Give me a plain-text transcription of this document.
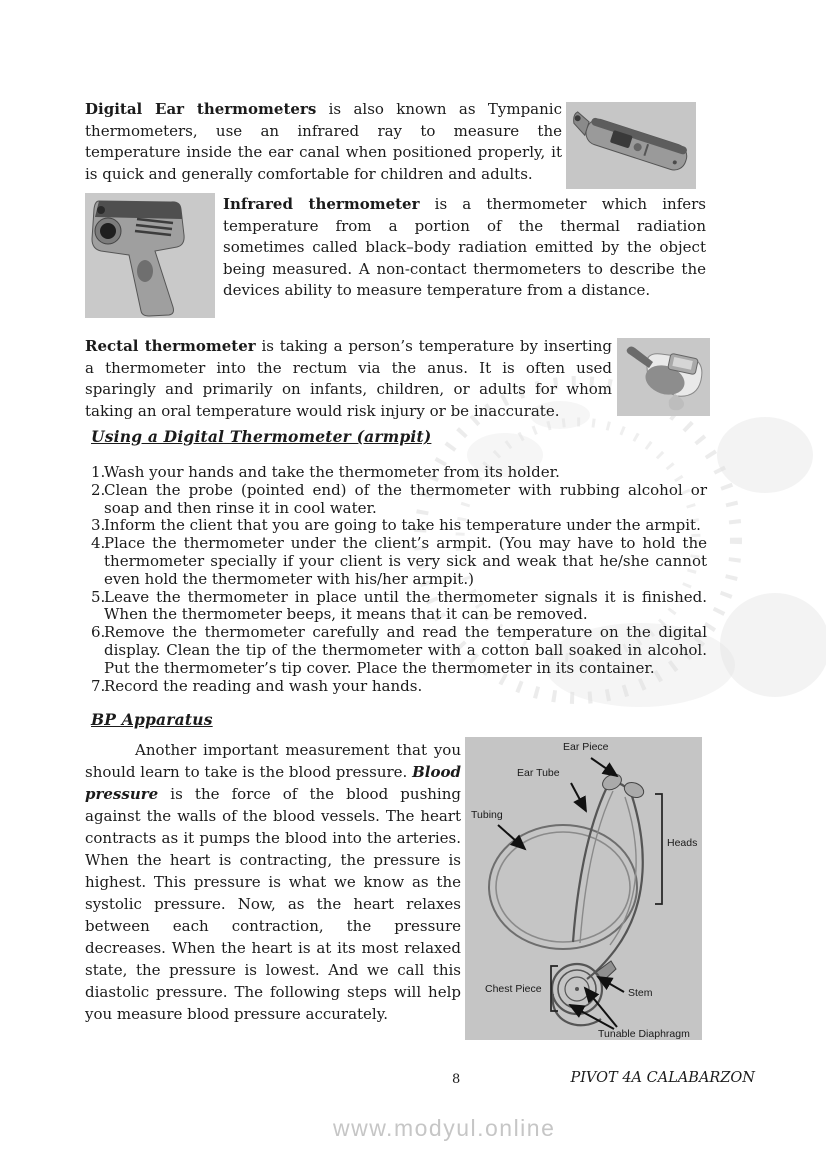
Digital Ear thermometers is also known as Tympanic thermometers, use an infrared ray to measure the temperature inside the ear canal when positioned properly, it is quick and generally comfortable for children and adults.

Infrared thermometer is a thermometer which infers temperature from a portion of the thermal radiation sometimes called black–body radiation emitted by the object being measured. A non-contact thermometers to describe the devices ability to measure temperature from a distance.

Rectal thermometer is taking a person’s temperature by inserting a thermometer into the rectum via the anus. It is often used sparingly and primarily on infants, children, or adults for whom taking an oral temperature would risk injury or be inaccurate.

Using a Digital Thermometer (armpit)
1.
Wash your hands and take the thermometer from its holder.
2.
Clean the probe (pointed end) of the thermometer with rubbing alcohol or soap and then rinse it in cool water.
3.
Inform the client that you are going to take his temperature under the armpit.
4.
Place the thermometer under the client’s armpit. (You may have to hold the thermometer specially if your client is very sick and weak that he/she cannot even hold the thermometer with his/her armpit.)
5.
Leave the thermometer in place until the thermometer signals it is finished. When the thermometer beeps, it means that it can be removed.
6.
Remove the thermometer carefully and read the temperature on the digital display. Clean the tip of the thermometer with a cotton ball soaked in alcohol. Put the thermometer’s tip cover. Place the thermometer in its container.
7.
Record the reading and wash your hands.
BP Apparatus

Another important measurement that you should learn to take is the blood pressure. Blood pressure is the force of the blood pushing against the walls of the blood vessels. The heart contracts as it pumps the blood into the arteries. When the heart is contracting, the pressure is highest. This pressure is what we know as the systolic pressure. Now, as the heart relaxes between each contraction, the pressure decreases. When the heart is at its most relaxed state, the pressure is lowest. And we call this diastolic pressure. The following steps will help you measure blood pressure accurately.

Ear Piece
Ear Tube
Tubing
Heads
Chest Piece	Stem
Tunable Diaphragm
8	PIVOT 4A CALABARZON
www.modyul.online
